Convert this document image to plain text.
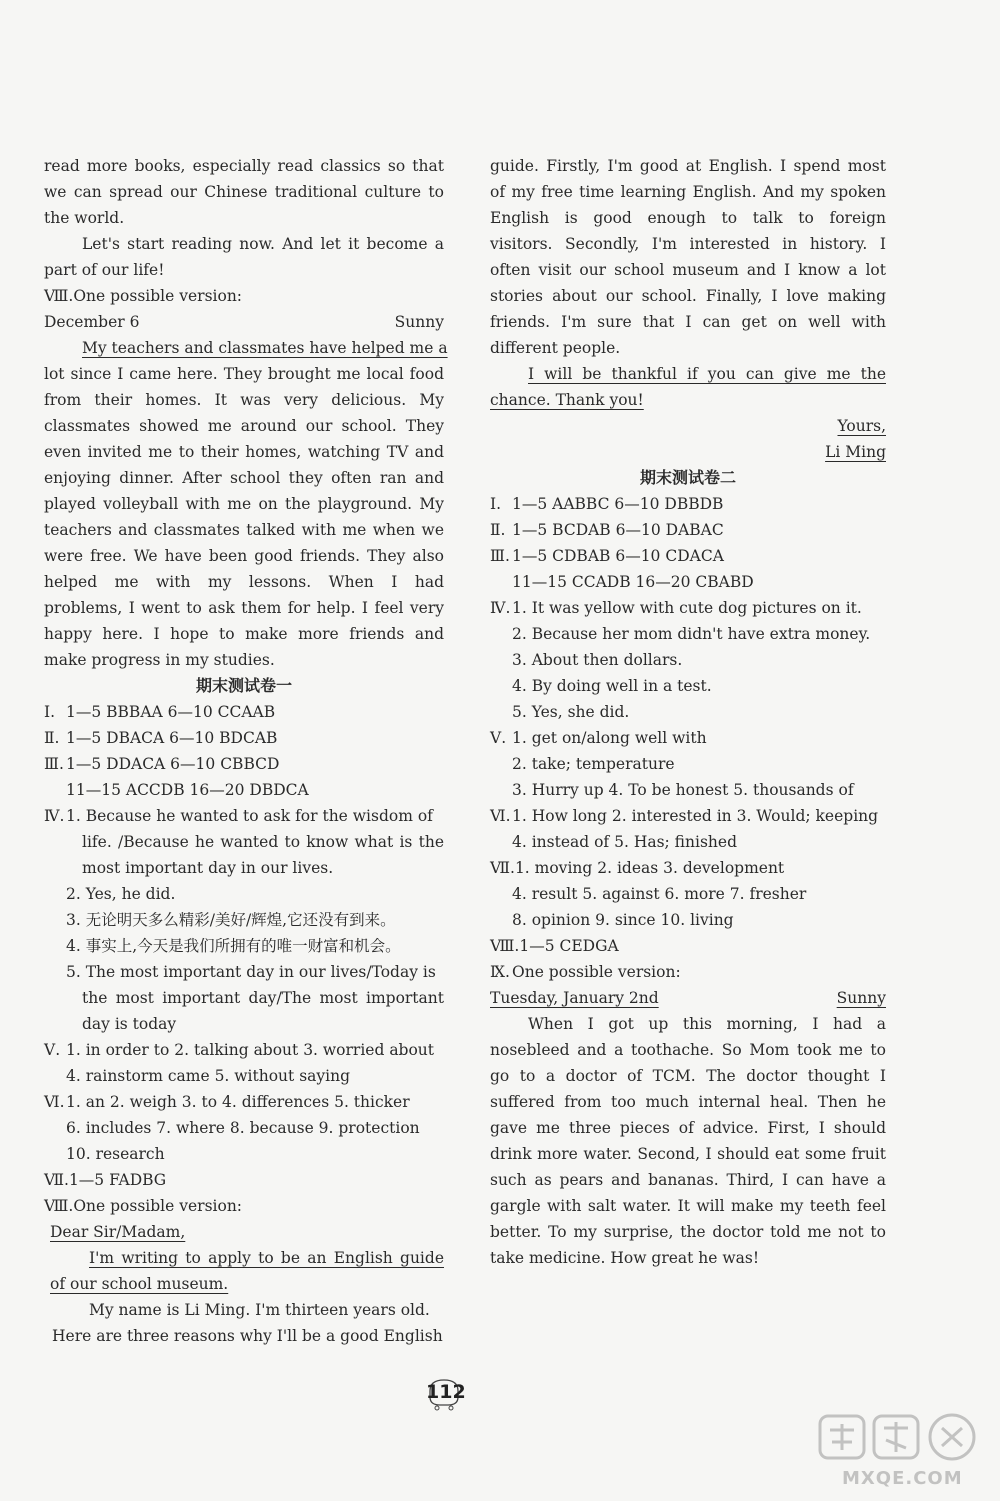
read more books, especially read classics so that
we can spread our Chinese traditional culture to
the world.
Let's start reading now. And let it become a
part of our life!
Ⅷ.One possible version:
December 6	Sunny
My teachers and classmates have helped me a
lot since I came here. They brought me local food
from their homes. It was very delicious. My
classmates showed me around our school. They
even invited me to their homes, watching TV and
enjoying dinner. After school they often ran and
played volleyball with me on the playground. My
teachers and classmates talked with me when we
were free. We have been good friends. They also
helped me with my lessons. When I had
problems, I went to ask them for help. I feel very
happy here. I hope to make more friends and
make progress in my studies.
期末测试卷一
Ⅰ. 1—5 BBBAA 6—10 CCAAB
Ⅱ. 1—5 DBACA 6—10 BDCAB
Ⅲ. 1—5 DDACA 6—10 CBBCD
11—15 ACCDB 16—20 DBDCA
Ⅳ. 1. Because he wanted to ask for the wisdom of
life. /Because he wanted to know what is the
most important day in our lives.
2. Yes, he did.
3. 无论明天多么精彩/美好/辉煌,它还没有到来。
4. 事实上,今天是我们所拥有的唯一财富和机会。
5. The most important day in our lives/Today is
the most important day/The most important
day is today
Ⅴ. 1. in order to 2. talking about 3. worried about
4. rainstorm came 5. without saying
Ⅵ.1. an 2. weigh 3. to 4. differences 5. thicker
6. includes 7. where 8. because 9. protection
10. research
Ⅶ.1—5 FADBG
Ⅷ.One possible version:
Dear Sir/Madam,
I'm writing to apply to be an English guide
of our school museum.
My name is Li Ming. I'm thirteen years old.
Here are three reasons why I'll be a good English
guide. Firstly, I'm good at English. I spend most
of my free time learning English. And my spoken
English is good enough to talk to foreign
visitors. Secondly, I'm interested in history. I
often visit our school museum and I know a lot
stories about our school. Finally, I love making
friends. I'm sure that I can get on well with
different people.
I will be thankful if you can give me the
chance. Thank you!
Yours,
Li Ming
期末测试卷二
Ⅰ. 1—5 AABBC 6—10 DBBDB
Ⅱ. 1—5 BCDAB 6—10 DABAC
Ⅲ. 1—5 CDBAB 6—10 CDACA
11—15 CCADB 16—20 CBABD
Ⅳ. 1. It was yellow with cute dog pictures on it.
2. Because her mom didn't have extra money.
3. About then dollars.
4. By doing well in a test.
5. Yes, she did.
Ⅴ. 1. get on/along well with
2. take; temperature
3. Hurry up 4. To be honest 5. thousands of
Ⅵ.1. How long 2. interested in 3. Would; keeping
4. instead of 5. Has; finished
Ⅶ.1. moving 2. ideas 3. development
4. result 5. against 6. more 7. fresher
8. opinion 9. since 10. living
Ⅷ.1—5 CEDGA
Ⅸ. One possible version:
Tuesday, January 2nd	Sunny
When I got up this morning, I had a
nosebleed and a toothache. So Mom took me to
go to a doctor of TCM. The doctor thought I
suffered from too much internal heal. Then he
gave me three pieces of advice. First, I should
drink more water. Second, I should eat some fruit
such as pears and bananas. Third, I can have a
gargle with salt water. It will make my teeth feel
better. To my surprise, the doctor told me not to
take medicine. How great he was!
112
MXQE.COM
